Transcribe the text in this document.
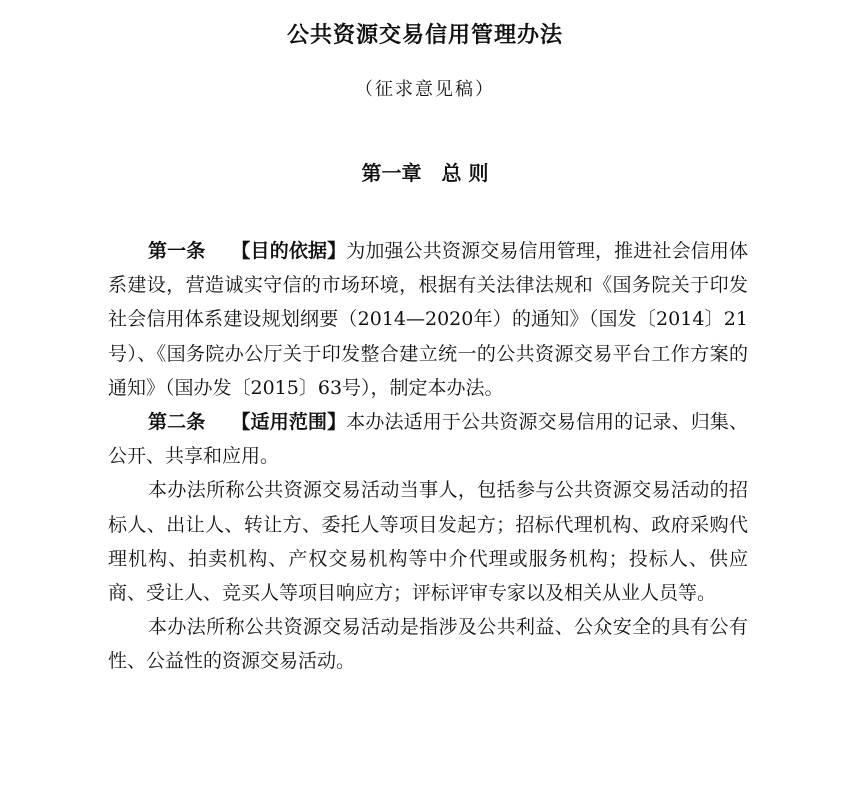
公共资源交易信用管理办法
（征求意见稿）
第一章　总 则

第一条 【目的依据】为加强公共资源交易信用管理，推进社会信用体系建设，营造诚实守信的市场环境，根据有关法律法规和《国务院关于印发社会信用体系建设规划纲要（2014—2020年）的通知》（国发〔2014〕21号）、《国务院办公厅关于印发整合建立统一的公共资源交易平台工作方案的通知》（国办发〔2015〕63号），制定本办法。

第二条 【适用范围】本办法适用于公共资源交易信用的记录、归集、公开、共享和应用。

本办法所称公共资源交易活动当事人，包括参与公共资源交易活动的招标人、出让人、转让方、委托人等项目发起方；招标代理机构、政府采购代理机构、拍卖机构、产权交易机构等中介代理或服务机构；投标人、供应商、受让人、竞买人等项目响应方；评标评审专家以及相关从业人员等。

本办法所称公共资源交易活动是指涉及公共利益、公众安全的具有公有性、公益性的资源交易活动。
